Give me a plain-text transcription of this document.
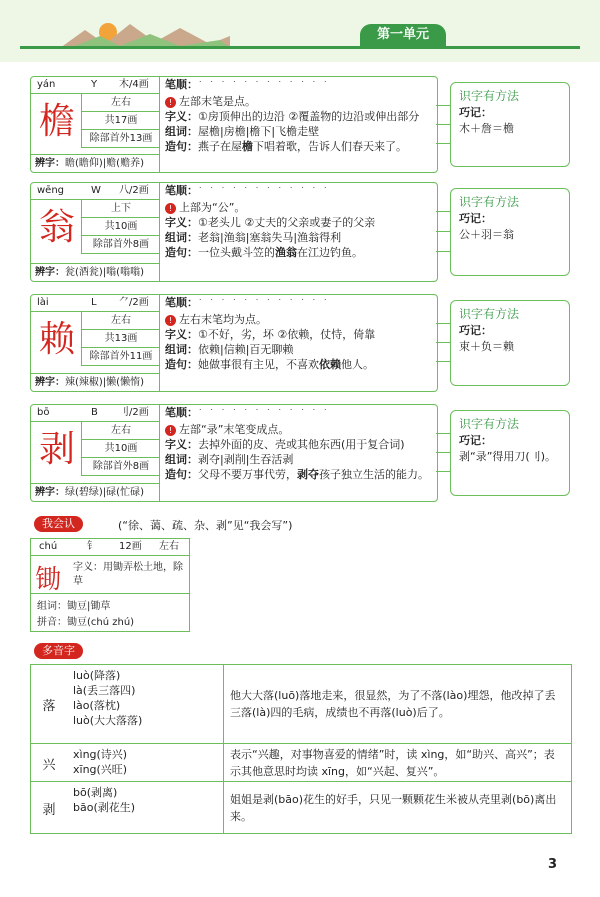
第一单元
yán	Y 木/4画
檐	左右
共17画
除部首外13画
辨字：瞻(瞻仰)|赡(赡养)
笔顺：˙ ˙ ˙ ˙ ˙ ˙ ˙ ˙ ˙ ˙ ˙ ˙
! 左部末笔是点。
字义：①房顶伸出的边沿 ②覆盖物的边沿或伸出部分
组词：屋檐|房檐|檐下|飞檐走壁
造句：燕子在屋檐下唱着歌，告诉人们春天来了。
识字有方法
巧记：
木＋詹＝檐
wēng	W 八/2画
翁	上下
共10画
除部首外8画
辨字：瓮(酒瓮)|嗡(嗡嗡)
笔顺：˙ ˙ ˙ ˙ ˙ ˙ ˙ ˙ ˙ ˙ ˙ ˙
! 上部为“公”。
字义：①老头儿 ②丈夫的父亲或妻子的父亲
组词：老翁|渔翁|塞翁失马|渔翁得利
造句：一位头戴斗笠的渔翁在江边钓鱼。
识字有方法
巧记：
公＋羽＝翁
lài	L ⺈/2画
赖	左右
共13画
除部首外11画
辨字：辣(辣椒)|懒(懒惰)
笔顺：˙ ˙ ˙ ˙ ˙ ˙ ˙ ˙ ˙ ˙ ˙ ˙
! 左右末笔均为点。
字义：①不好，劣，坏 ②依赖，仗恃，倚靠
组词：依赖|信赖|百无聊赖
造句：她做事很有主见，不喜欢依赖他人。
识字有方法
巧记：
束＋负＝赖
bō	B 刂/2画
剥	左右
共10画
除部首外8画
辨字：绿(碧绿)|碌(忙碌)
笔顺：˙ ˙ ˙ ˙ ˙ ˙ ˙ ˙ ˙ ˙ ˙ ˙
! 左部“录”末笔变成点。
字义：去掉外面的皮、壳或其他东西(用于复合词)
组词：剥夺|剥削|生吞活剥
造句：父母不要万事代劳，剥夺孩子独立生活的能力。
识字有方法
巧记：
剥“录”得用刀(刂)。
我会认	(“徐、蔼、疏、杂、剥”见“我会写”)
chú	钅 12画 左右
锄	字义：用锄弄松土地，除草
组词：锄豆|锄草
拼音：锄豆(chú zhú)
多音字
落
luò(降落)
là(丢三落四)
lào(落枕)
luò(大大落落)
他大大落(luō)落地走来，很显然，为了不落(lào)埋怨，他改掉了丢三落(là)四的毛病，成绩也不再落(luò)后了。
兴
xìng(诗兴)
xīng(兴旺)
表示“兴趣，对事物喜爱的情绪”时，读 xìng，如“助兴、高兴”；表示其他意思时均读 xīng，如“兴起、复兴”。
剥
bō(剥离)
bāo(剥花生)
姐姐是剥(bāo)花生的好手，只见一颗颗花生米被从壳里剥(bō)离出来。
3
